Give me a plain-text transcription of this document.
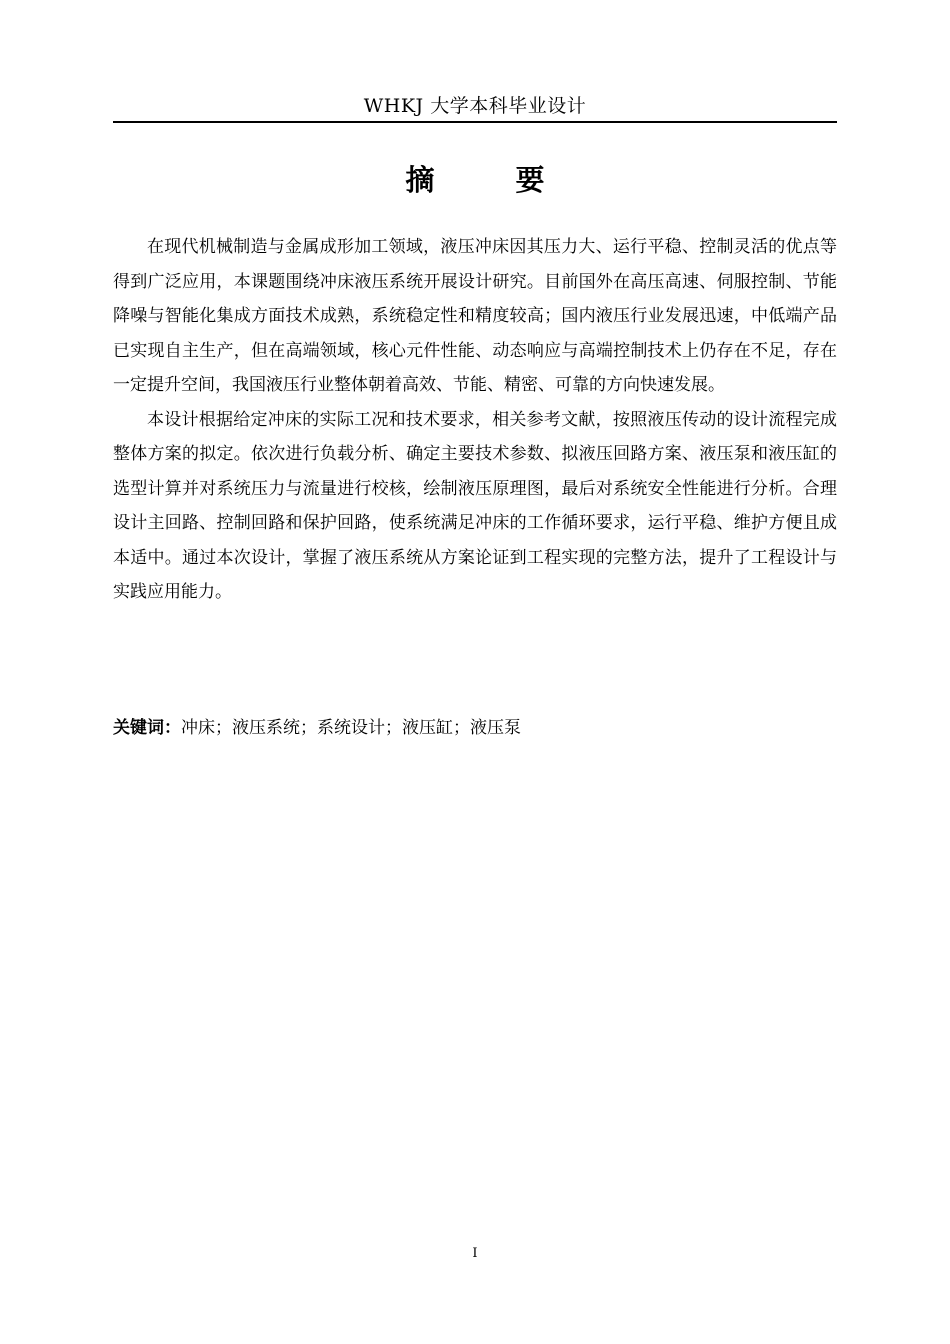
WHKJ 大学本科毕业设计
摘　要

在现代机械制造与金属成形加工领域，液压冲床因其压力大、运行平稳、控制灵活的优点等得到广泛应用，本课题围绕冲床液压系统开展设计研究。目前国外在高压高速、伺服控制、节能降噪与智能化集成方面技术成熟，系统稳定性和精度较高；国内液压行业发展迅速，中低端产品已实现自主生产，但在高端领域，核心元件性能、动态响应与高端控制技术上仍存在不足，存在一定提升空间，我国液压行业整体朝着高效、节能、精密、可靠的方向快速发展。

本设计根据给定冲床的实际工况和技术要求，相关参考文献，按照液压传动的设计流程完成整体方案的拟定。依次进行负载分析、确定主要技术参数、拟液压回路方案、液压泵和液压缸的选型计算并对系统压力与流量进行校核，绘制液压原理图，最后对系统安全性能进行分析。合理设计主回路、控制回路和保护回路，使系统满足冲床的工作循环要求，运行平稳、维护方便且成本适中。通过本次设计，掌握了液压系统从方案论证到工程实现的完整方法，提升了工程设计与实践应用能力。

关键词：冲床；液压系统；系统设计；液压缸；液压泵
I
